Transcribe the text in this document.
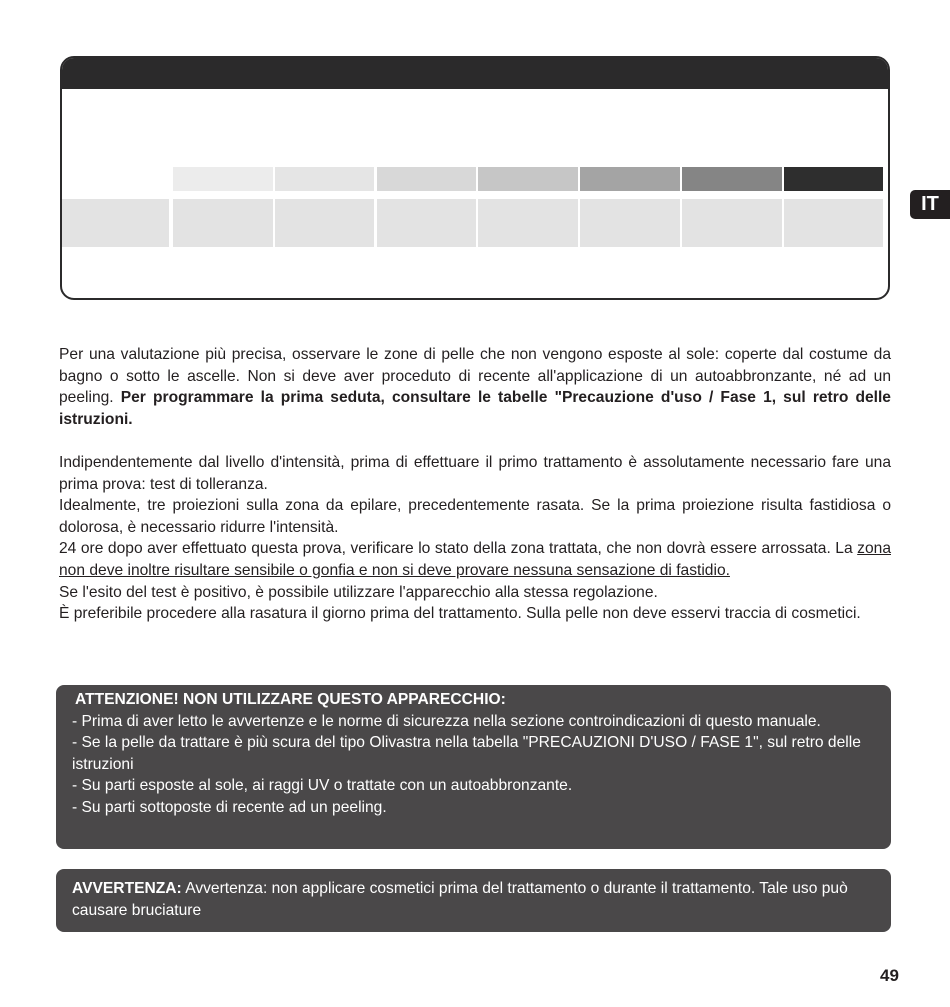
IT

Per una valutazione più precisa, osservare le zone di pelle che non vengono esposte al sole: coperte dal costume da bagno o sotto le ascelle. Non si deve aver proceduto di recente all'applicazione di un autoabbronzante, né ad un peeling. Per programmare la prima seduta, consultare le tabelle "Precauzione d'uso / Fase 1, sul retro delle istruzioni.

Indipendentemente dal livello d'intensità, prima di effettuare il primo trattamento è assolutamente necessario fare una prima prova: test di tolleranza.

Idealmente, tre proiezioni sulla zona da epilare, precedentemente rasata. Se la prima proiezione risulta fastidiosa o dolorosa, è necessario ridurre l'intensità.

24 ore dopo aver effettuato questa prova, verificare lo stato della zona trattata, che non dovrà essere arrossata. La zona non deve inoltre risultare sensibile o gonfia e non si deve provare nessuna sensazione di fastidio.

Se l'esito del test è positivo, è possibile utilizzare l'apparecchio alla stessa regolazione.

È preferibile procedere alla rasatura il giorno prima del trattamento. Sulla pelle non deve esservi traccia di cosmetici.

ATTENZIONE! NON UTILIZZARE QUESTO APPARECCHIO:
- Prima di aver letto le avvertenze e le norme di sicurezza nella sezione controindicazioni di questo manuale.
- Se la pelle da trattare è più scura del tipo Olivastra nella tabella "PRECAUZIONI D'USO / FASE 1", sul retro delle istruzioni
- Su parti esposte al sole, ai raggi UV o trattate con un autoabbronzante.
- Su parti sottoposte di recente ad un peeling.
AVVERTENZA: Avvertenza: non applicare cosmetici prima del trattamento o durante il trattamento. Tale uso può causare bruciature
49
